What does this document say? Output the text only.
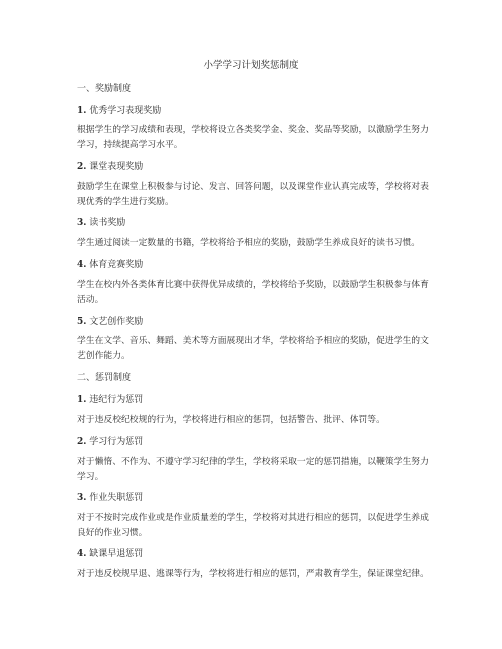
小学学习计划奖惩制度
一、奖励制度
1. 优秀学习表现奖励
根据学生的学习成绩和表现，学校将设立各类奖学金、奖金、奖品等奖励，以激励学生努力学习，持续提高学习水平。
2. 课堂表现奖励
鼓励学生在课堂上积极参与讨论、发言、回答问题，以及课堂作业认真完成等，学校将对表现优秀的学生进行奖励。
3. 读书奖励
学生通过阅读一定数量的书籍，学校将给予相应的奖励，鼓励学生养成良好的读书习惯。
4. 体育竞赛奖励
学生在校内外各类体育比赛中获得优异成绩的，学校将给予奖励，以鼓励学生积极参与体育活动。
5. 文艺创作奖励
学生在文学、音乐、舞蹈、美术等方面展现出才华，学校将给予相应的奖励，促进学生的文艺创作能力。
二、惩罚制度
1. 违纪行为惩罚
对于违反校纪校规的行为，学校将进行相应的惩罚，包括警告、批评、体罚等。
2. 学习行为惩罚
对于懒惰、不作为、不遵守学习纪律的学生，学校将采取一定的惩罚措施，以鞭策学生努力学习。
3. 作业失职惩罚
对于不按时完成作业或是作业质量差的学生，学校将对其进行相应的惩罚，以促进学生养成良好的作业习惯。
4. 缺课早退惩罚
对于违反校规早退、逃课等行为，学校将进行相应的惩罚，严肃教育学生，保证课堂纪律。
